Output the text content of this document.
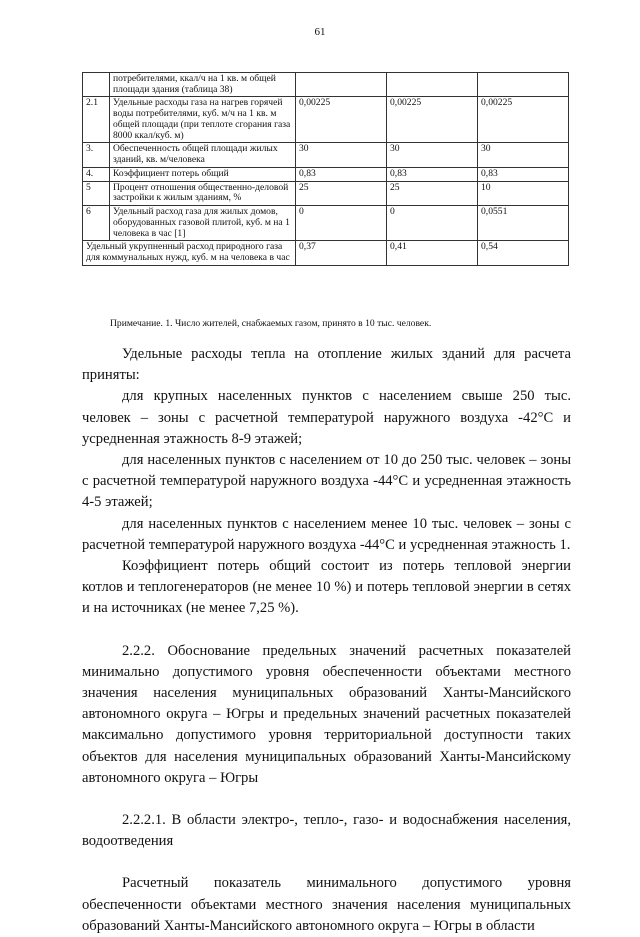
61
	потребителями, ккал/ч на 1 кв. м общей площади здания (таблица 38)			
2.1	Удельные расходы газа на нагрев горячей воды потребителями, куб. м/ч на 1 кв. м общей площади (при теплоте сгорания газа 8000 ккал/куб. м)	0,00225	0,00225	0,00225
3.	Обеспеченность общей площади жилых зданий, кв. м/человека	30	30	30
4.	Коэффициент потерь общий	0,83	0,83	0,83
5	Процент отношения общественно-деловой застройки к жилым зданиям, %	25	25	10
6	Удельный расход газа для жилых домов, оборудованных газовой плитой, куб. м на 1 человека в час [1]	0	0	0,0551
Удельный укрупненный расход природного газа для коммунальных нужд, куб. м на человека в час		0,37	0,41	0,54
Примечание. 1. Число жителей, снабжаемых газом, принято в 10 тыс. человек.

Удельные расходы тепла на отопление жилых зданий для расчета приняты:

для крупных населенных пунктов с населением свыше 250 тыс. человек – зоны с расчетной температурой наружного воздуха -42°С и усредненная этажность 8-9 этажей;

для населенных пунктов с населением от 10 до 250 тыс. человек – зоны с расчетной температурой наружного воздуха -44°С и усредненная этажность 4-5 этажей;

для населенных пунктов с населением менее 10 тыс. человек – зоны с расчетной температурой наружного воздуха -44°С и усредненная этажность 1.

Коэффициент потерь общий состоит из потерь тепловой энергии котлов и теплогенераторов (не менее 10 %) и потерь тепловой энергии в сетях и на источниках (не менее 7,25 %).

2.2.2. Обоснование предельных значений расчетных показателей минимально допустимого уровня обеспеченности объектами местного значения населения муниципальных образований Ханты-Мансийского автономного округа – Югры и предельных значений расчетных показателей максимально допустимого уровня территориальной доступности таких объектов для населения муниципальных образований Ханты-Мансийскому автономного округа – Югры

2.2.2.1. В области электро-, тепло-, газо- и водоснабжения населения, водоотведения

Расчетный показатель минимального допустимого уровня обеспеченности объектами местного значения населения муниципальных образований Ханты-Мансийского автономного округа – Югры в области
